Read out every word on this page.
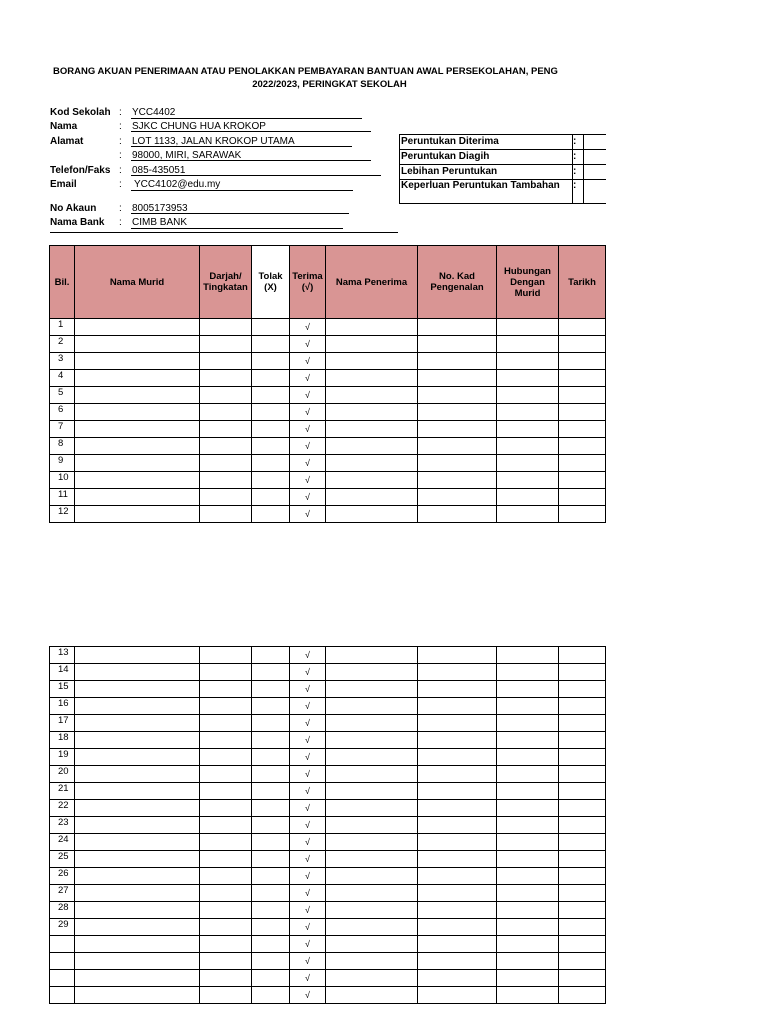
BORANG AKUAN PENERIMAAN ATAU PENOLAKKAN PEMBAYARAN BANTUAN AWAL PERSEKOLAHAN, PENG
2022/2023, PERINGKAT SEKOLAH
Kod Sekolah : YCC4402
Nama	: SJKC CHUNG HUA KROKOP
Alamat	: LOT 1133, JALAN KROKOP UTAMA
: 98000, MIRI, SARAWAK
Telefon/Faks : 085-435051
Email	: YCC4102@edu.my
No Akaun : 8005173953
Nama Bank : CIMB BANK
Peruntukan Diterima	:
Peruntukan Diagih	:
Lebihan Peruntukan	:
Keperluan Peruntukan Tambahan :
Bil.	Nama Murid	Darjah/ Tingkatan	Tolak (X)	Terima (√)	Nama Penerima	No. Kad Pengenalan	Hubungan Dengan Murid	Tarikh
1				√				
2				√				
3				√				
4				√				
5				√				
6				√				
7				√				
8				√				
9				√				
10				√				
11				√				
12				√				
13				√				
14				√				
15				√				
16				√				
17				√				
18				√				
19				√				
20				√				
21				√				
22				√				
23				√				
24				√				
25				√				
26				√				
27				√				
28				√				
29				√				
				√				
				√				
				√				
				√				
